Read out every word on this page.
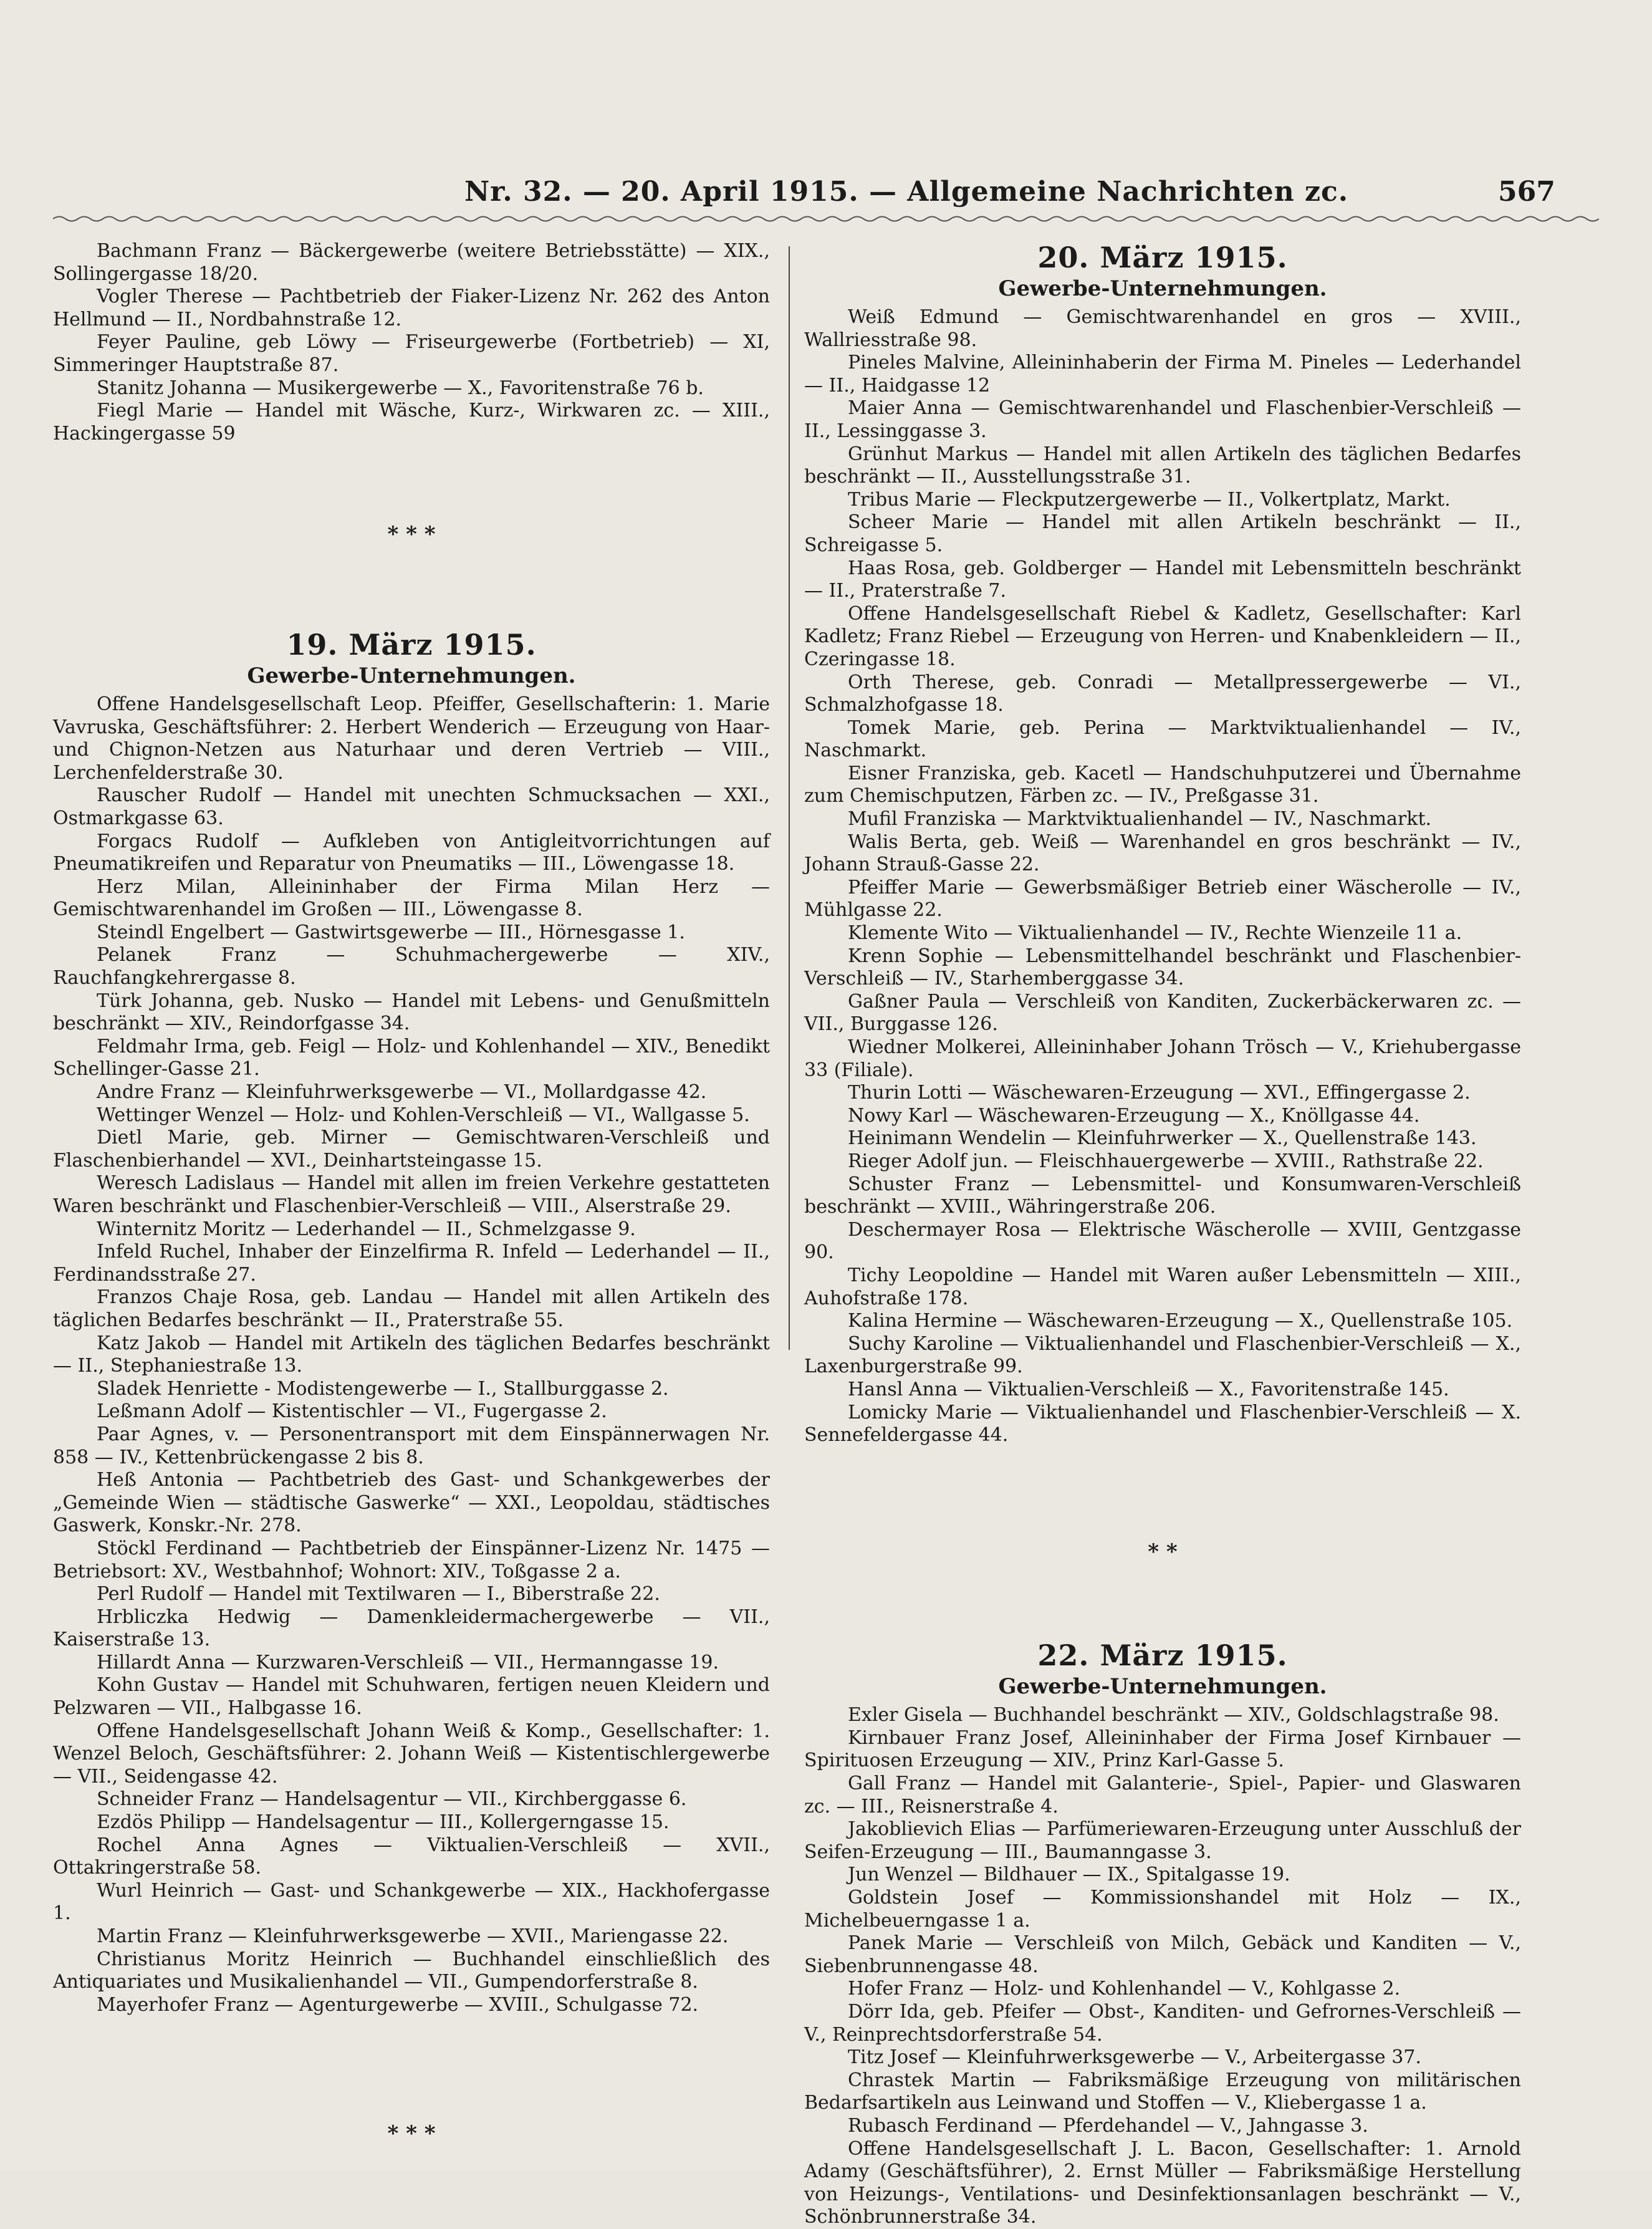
Nr. 32. — 20. April 1915. — Allgemeine Nachrichten zc.	567

Bachmann Franz — Bäckergewerbe (weitere Betriebsstätte) — XIX., Sollingergasse 18/20.

Vogler Therese — Pachtbetrieb der Fiaker-Lizenz Nr. 262 des Anton Hellmund — II., Nordbahnstraße 12.

Feyer Pauline, geb Löwy — Friseurgewerbe (Fortbetrieb) — XI, Simmeringer Hauptstraße 87.

Stanitz Johanna — Musikergewerbe — X., Favoritenstraße 76 b.

Fiegl Marie — Handel mit Wäsche, Kurz-, Wirkwaren zc. — XIII., Hackingergasse 59

* * *

19. März 1915.

Gewerbe-Unternehmungen.

Offene Handelsgesellschaft Leop. Pfeiffer, Gesellschafterin: 1. Marie Vavruska, Geschäftsführer: 2. Herbert Wenderich — Erzeugung von Haar- und Chignon-Netzen aus Naturhaar und deren Vertrieb — VIII., Lerchenfelderstraße 30.

Rauscher Rudolf — Handel mit unechten Schmucksachen — XXI., Ostmarkgasse 63.

Forgacs Rudolf — Aufkleben von Antigleitvorrichtungen auf Pneumatikreifen und Reparatur von Pneumatiks — III., Löwengasse 18.

Herz Milan, Alleininhaber der Firma Milan Herz — Gemischtwarenhandel im Großen — III., Löwengasse 8.

Steindl Engelbert — Gastwirtsgewerbe — III., Hörnesgasse 1.

Pelanek Franz — Schuhmachergewerbe — XIV., Rauchfangkehrergasse 8.

Türk Johanna, geb. Nusko — Handel mit Lebens- und Genußmitteln beschränkt — XIV., Reindorfgasse 34.

Feldmahr Irma, geb. Feigl — Holz- und Kohlenhandel — XIV., Benedikt Schellinger-Gasse 21.

Andre Franz — Kleinfuhrwerksgewerbe — VI., Mollardgasse 42.

Wettinger Wenzel — Holz- und Kohlen-Verschleiß — VI., Wallgasse 5.

Dietl Marie, geb. Mirner — Gemischtwaren-Verschleiß und Flaschenbierhandel — XVI., Deinhartsteingasse 15.

Weresch Ladislaus — Handel mit allen im freien Verkehre gestatteten Waren beschränkt und Flaschenbier-Verschleiß — VIII., Alserstraße 29.

Winternitz Moritz — Lederhandel — II., Schmelzgasse 9.

Infeld Ruchel, Inhaber der Einzelfirma R. Infeld — Lederhandel — II., Ferdinandsstraße 27.

Franzos Chaje Rosa, geb. Landau — Handel mit allen Artikeln des täglichen Bedarfes beschränkt — II., Praterstraße 55.

Katz Jakob — Handel mit Artikeln des täglichen Bedarfes beschränkt — II., Stephaniestraße 13.

Sladek Henriette - Modistengewerbe — I., Stallburggasse 2.

Leßmann Adolf — Kistentischler — VI., Fugergasse 2.

Paar Agnes, v. — Personentransport mit dem Einspännerwagen Nr. 858 — IV., Kettenbrückengasse 2 bis 8.

Heß Antonia — Pachtbetrieb des Gast- und Schankgewerbes der „Gemeinde Wien — städtische Gaswerke“ — XXI., Leopoldau, städtisches Gaswerk, Konskr.-Nr. 278.

Stöckl Ferdinand — Pachtbetrieb der Einspänner-Lizenz Nr. 1475 — Betriebsort: XV., Westbahnhof; Wohnort: XIV., Toßgasse 2 a.

Perl Rudolf — Handel mit Textilwaren — I., Biberstraße 22.

Hrbliczka Hedwig — Damenkleidermachergewerbe — VII., Kaiserstraße 13.

Hillardt Anna — Kurzwaren-Verschleiß — VII., Hermanngasse 19.

Kohn Gustav — Handel mit Schuhwaren, fertigen neuen Kleidern und Pelzwaren — VII., Halbgasse 16.

Offene Handelsgesellschaft Johann Weiß & Komp., Gesellschafter: 1. Wenzel Beloch, Geschäftsführer: 2. Johann Weiß — Kistentischlergewerbe — VII., Seidengasse 42.

Schneider Franz — Handelsagentur — VII., Kirchberggasse 6.

Ezdös Philipp — Handelsagentur — III., Kollergerngasse 15.

Rochel Anna Agnes — Viktualien-Verschleiß — XVII., Ottakringerstraße 58.

Wurl Heinrich — Gast- und Schankgewerbe — XIX., Hackhofergasse 1.

Martin Franz — Kleinfuhrwerksgewerbe — XVII., Mariengasse 22.

Christianus Moritz Heinrich — Buchhandel einschließlich des Antiquariates und Musikalienhandel — VII., Gumpendorferstraße 8.

Mayerhofer Franz — Agenturgewerbe — XVIII., Schulgasse 72.

* * *

20. März 1915.

Gewerbe-Unternehmungen.

Weiß Edmund — Gemischtwarenhandel en gros — XVIII., Wallriesstraße 98.

Pineles Malvine, Alleininhaberin der Firma M. Pineles — Lederhandel — II., Haidgasse 12

Maier Anna — Gemischtwarenhandel und Flaschenbier-Verschleiß — II., Lessinggasse 3.

Grünhut Markus — Handel mit allen Artikeln des täglichen Bedarfes beschränkt — II., Ausstellungsstraße 31.

Tribus Marie — Fleckputzergewerbe — II., Volkertplatz, Markt.

Scheer Marie — Handel mit allen Artikeln beschränkt — II., Schreigasse 5.

Haas Rosa, geb. Goldberger — Handel mit Lebensmitteln beschränkt — II., Praterstraße 7.

Offene Handelsgesellschaft Riebel & Kadletz, Gesellschafter: Karl Kadletz; Franz Riebel — Erzeugung von Herren- und Knabenkleidern — II., Czeringasse 18.

Orth Therese, geb. Conradi — Metallpressergewerbe — VI., Schmalzhofgasse 18.

Tomek Marie, geb. Perina — Marktviktualienhandel — IV., Naschmarkt.

Eisner Franziska, geb. Kacetl — Handschuhputzerei und Übernahme zum Chemischputzen, Färben zc. — IV., Preßgasse 31.

Mufil Franziska — Marktviktualienhandel — IV., Naschmarkt.

Walis Berta, geb. Weiß — Warenhandel en gros beschränkt — IV., Johann Strauß-Gasse 22.

Pfeiffer Marie — Gewerbsmäßiger Betrieb einer Wäscherolle — IV., Mühlgasse 22.

Klemente Wito — Viktualienhandel — IV., Rechte Wienzeile 11 a.

Krenn Sophie — Lebensmittelhandel beschränkt und Flaschenbier-Verschleiß — IV., Starhemberggasse 34.

Gaßner Paula — Verschleiß von Kanditen, Zuckerbäckerwaren zc. — VII., Burggasse 126.

Wiedner Molkerei, Alleininhaber Johann Trösch — V., Kriehubergasse 33 (Filiale).

Thurin Lotti — Wäschewaren-Erzeugung — XVI., Effingergasse 2.

Nowy Karl — Wäschewaren-Erzeugung — X., Knöllgasse 44.

Heinimann Wendelin — Kleinfuhrwerker — X., Quellenstraße 143.

Rieger Adolf jun. — Fleischhauergewerbe — XVIII., Rathstraße 22.

Schuster Franz — Lebensmittel- und Konsumwaren-Verschleiß beschränkt — XVIII., Währingerstraße 206.

Deschermayer Rosa — Elektrische Wäscherolle — XVIII, Gentzgasse 90.

Tichy Leopoldine — Handel mit Waren außer Lebensmitteln — XIII., Auhofstraße 178.

Kalina Hermine — Wäschewaren-Erzeugung — X., Quellenstraße 105.

Suchy Karoline — Viktualienhandel und Flaschenbier-Verschleiß — X., Laxenburgerstraße 99.

Hansl Anna — Viktualien-Verschleiß — X., Favoritenstraße 145.

Lomicky Marie — Viktualienhandel und Flaschenbier-Verschleiß — X. Sennefeldergasse 44.

* *

22. März 1915.

Gewerbe-Unternehmungen.

Exler Gisela — Buchhandel beschränkt — XIV., Goldschlagstraße 98.

Kirnbauer Franz Josef, Alleininhaber der Firma Josef Kirnbauer — Spirituosen Erzeugung — XIV., Prinz Karl-Gasse 5.

Gall Franz — Handel mit Galanterie-, Spiel-, Papier- und Glaswaren zc. — III., Reisnerstraße 4.

Jakoblievich Elias — Parfümeriewaren-Erzeugung unter Ausschluß der Seifen-Erzeugung — III., Baumanngasse 3.

Jun Wenzel — Bildhauer — IX., Spitalgasse 19.

Goldstein Josef — Kommissionshandel mit Holz — IX., Michelbeuerngasse 1 a.

Panek Marie — Verschleiß von Milch, Gebäck und Kanditen — V., Siebenbrunnengasse 48.

Hofer Franz — Holz- und Kohlenhandel — V., Kohlgasse 2.

Dörr Ida, geb. Pfeifer — Obst-, Kanditen- und Gefrornes-Verschleiß — V., Reinprechtsdorferstraße 54.

Titz Josef — Kleinfuhrwerksgewerbe — V., Arbeitergasse 37.

Chrastek Martin — Fabriksmäßige Erzeugung von militärischen Bedarfsartikeln aus Leinwand und Stoffen — V., Kliebergasse 1 a.

Rubasch Ferdinand — Pferdehandel — V., Jahngasse 3.

Offene Handelsgesellschaft J. L. Bacon, Gesellschafter: 1. Arnold Adamy (Geschäftsführer), 2. Ernst Müller — Fabriksmäßige Herstellung von Heizungs-, Ventilations- und Desinfektionsanlagen beschränkt — V., Schönbrunnerstraße 34.
